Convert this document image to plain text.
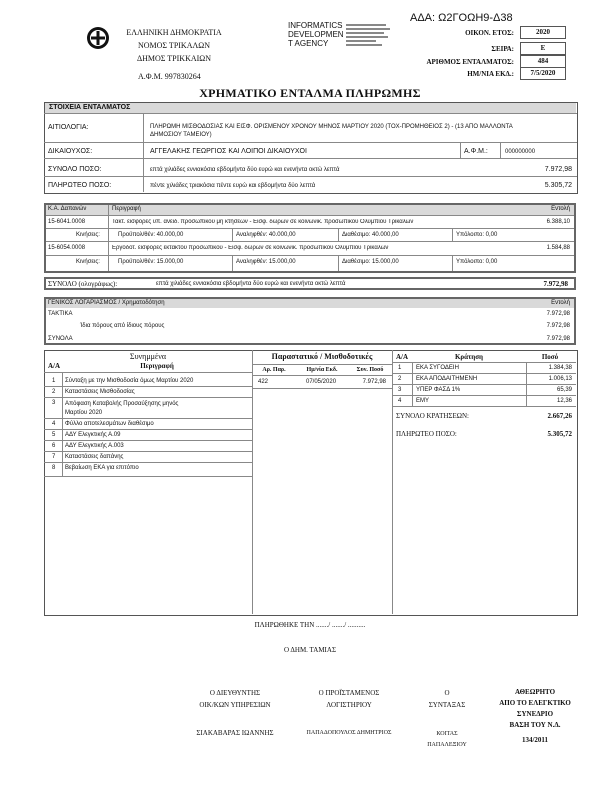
ΑΔΑ: Ω2ΓΟΩΗ9-Δ38
ΕΛΛΗΝΙΚΗ ΔΗΜΟΚΡΑΤΙΑ
ΝΟΜΟΣ ΤΡΙΚΑΛΩΝ
ΔΗΜΟΣ ΤΡΙΚΚΑΙΩΝ
Α.Φ.Μ. 997830264
INFORMATICS
DEVELOPMEN
T AGENCY
ΟΙΚΟΝ. ΕΤΟΣ:	2020
ΣΕΙΡΑ:	Ε
ΑΡΙΘΜΟΣ ΕΝΤΑΛΜΑΤΟΣ:	484
ΗΜ/ΝΙΑ ΕΚΔ.:	7/5/2020
ΧΡΗΜΑΤΙΚΟ ΕΝΤΑΛΜΑ ΠΛΗΡΩΜΗΣ
ΣΤΟΙΧΕΙΑ ΕΝΤΑΛΜΑΤΟΣ
ΑΙΤΙΟΛΟΓΙΑ:	ΠΛΗΡΩΜΗ ΜΙΣΘΟΔΟΣΙΑΣ ΚΑΙ ΕΙΣΦ. ΟΡΙΣΜΕΝΟΥ ΧΡΟΝΟΥ ΜΗΝΟΣ ΜΑΡΤΙΟΥ 2020 (ΤΟΧ-ΠΡΟΜΗΘΕΙΟΣ 2) - (13 ΑΠΟ ΜΑΛΛΟΝΤΑ ΔΗΜΟΣΙΟΥ ΤΑΜΕΙΟΥ)
ΔΙΚΑΙΟΥΧΟΣ:	ΑΓΓΕΛΑΚΗΣ ΓΕΩΡΓΙΟΣ ΚΑΙ ΛΟΙΠΟΙ ΔΙΚΑΙΟΥΧΟΙ	Α.Φ.Μ.:	000000000
ΣΥΝΟΛΟ ΠΟΣΟ:	επτά χιλιάδες εννιακόσια εβδομήντα δύο ευρώ και ενενήντα οκτώ λεπτά	7.972,98
ΠΛΗΡΩΤΕΟ ΠΟΣΟ:	πέντε χιλιάδες τριακόσια πέντε ευρώ και εβδομήντα δύο λεπτά	5.305,72
Κ.Α. Δαπανών	Περιγραφή	Εντολή
15-6041.0008	Τακτ. εισφορές υπ. ανειδ. προσωπικού μη κτήσεων - Εισφ. δώρων σε κοινωνικ. προσωπικού Ολυμπίου Τρικάλων	6.388,10
Κινήσεις:	Προϋπολ/θέν: 40.000,00	Αναληφθέν: 40.000,00	Διαθέσιμο: 40.000,00	Υπόλοιπο: 0,00
15-6054.0008	Εργοδοτ. εισφορές εκτάκτου προσωπικού - Εισφ. δώρων σε κοινωνικ. προσωπικού Ολυμπίου Τρικάλων	1.584,88
Κινήσεις:	Προϋπολ/θέν: 15.000,00	Αναληφθέν: 15.000,00	Διαθέσιμο: 15.000,00	Υπόλοιπο: 0,00
ΣΥΝΟΛΟ (ολογράφως):	επτά χιλιάδες εννιακόσια εβδομήντα δύο ευρώ και ενενήντα οκτώ λεπτά	7.972,98
ΓΕΝΙΚΟΣ ΛΟΓΑΡΙΑΣΜΟΣ / Χρηματοδότηση	Εντολή
ΤΑΚΤΙΚΑ	7.972,98
Ίδια πόρους από ίδιους πόρους	7.972,98
ΣΥΝΟΛΑ	7.972,98
Συνημμένα
Α/Α	Περιγραφή
1 Σύνταξη με την Μισθοδοσία όμως Μαρτίου 2020
2 Καταστάσεις Μισθοδοσίας
3 Απόφαση Καταβολής Προσαύξησης μηνός Μαρτίου 2020
4 Φύλλο αποτελεσμάτων διαθέσιμο
5 ΑΔΥ Ελεγκτικής Α.09
6 ΑΔΥ Ελεγκτικής Α.003
7 Καταστάσεις δαπάνης
8 Βεβαίωση ΕΚΑ για επιτόπιο
Παραστατικό / Μισθοδοτικές
Αρ. Παρ.	Ημ/νία Εκδ.	Συν. Ποσό
422	07/05/2020	7.972,98
Α/Α	Κράτηση	Ποσό
1 ΕΚΑ ΣΥΓΟΔΕΙΗ	1.384,38
2 ΕΚΑ ΑΠΟΔΑΙΤΗΜΕΝΗ	1.006,13
3 ΥΠΕΡ ΦΑΣΔ 1%	65,39
4 ΕΜΥ	12,36
ΣΥΝΟΛΟ ΚΡΑΤΗΣΕΩΝ:	2.667,26
ΠΛΗΡΩΤΕΟ ΠΟΣΟ:	5.305,72
ΠΛΗΡΩΘΗΚΕ ΤΗΝ ......./ ......./ ..........
Ο ΔΗΜ. ΤΑΜΙΑΣ
Ο ΔΙΕΥΘΥΝΤΗΣ
ΟΙΚ/ΚΩΝ ΥΠΗΡΕΣΙΩΝ
ΣΙΑΚΑΒΑΡΑΣ ΙΩΑΝΝΗΣ
Ο ΠΡΟΪΣΤΑΜΕΝΟΣ
ΛΟΓΙΣΤΗΡΙΟΥ
ΠΑΠΑΔΟΠΟΥΛΟΣ ΔΗΜΗΤΡΙΟΣ
Ο
ΣΥΝΤΑΞΑΣ
ΚΟΙΤΑΣ
ΠΑΠΑΛΕΞΙΟΥ
ΑΘΕΩΡΗΤΟ
ΑΠΟ ΤΟ ΕΛΕΓΚΤΙΚΟ
ΣΥΝΕΔΡΙΟ
ΒΑΣΗ ΤΟΥ Ν.Δ.
134/2011
